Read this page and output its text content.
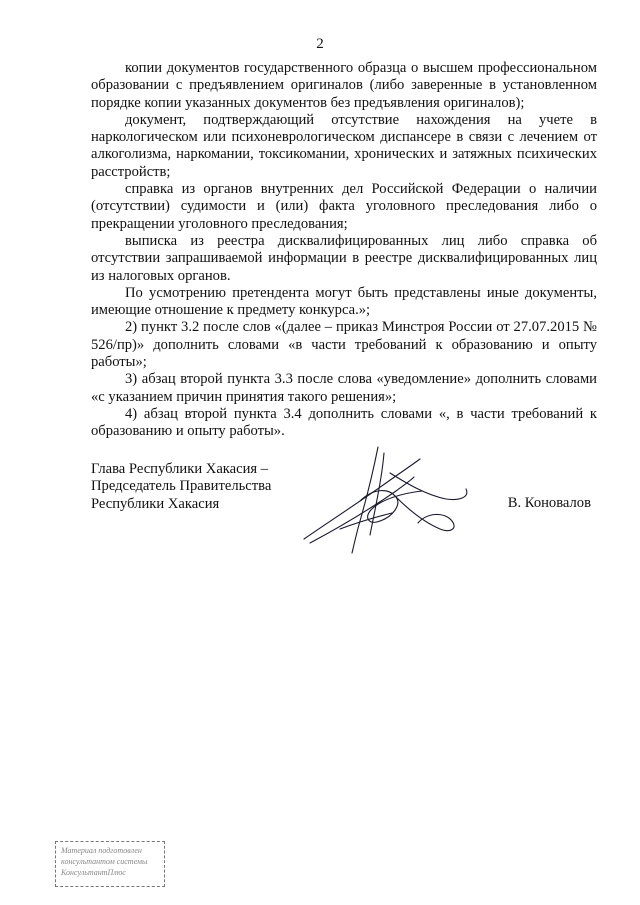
2

копии документов государственного образца о высшем профессиональном образовании с предъявлением оригиналов (либо заверенные в установленном порядке копии указанных документов без предъявления оригиналов);

документ, подтверждающий отсутствие нахождения на учете в наркологическом или психоневрологическом диспансере в связи с лечением от алкоголизма, наркомании, токсикомании, хронических и затяжных психических расстройств;

справка из органов внутренних дел Российской Федерации о наличии (отсутствии) судимости и (или) факта уголовного преследования либо о прекращении уголовного преследования;

выписка из реестра дисквалифицированных лиц либо справка об отсутствии запрашиваемой информации в реестре дисквалифицированных лиц из налоговых органов.

По усмотрению претендента могут быть представлены иные документы, имеющие отношение к предмету конкурса.»;

2) пункт 3.2 после слов «(далее – приказ Минстроя России от 27.07.2015 № 526/пр)» дополнить словами «в части требований к образованию и опыту работы»;

3) абзац второй пункта 3.3 после слова «уведомление» дополнить словами «с указанием причин принятия такого решения»;

4) абзац второй пункта 3.4 дополнить словами «, в части требований к образованию и опыту работы».

Глава Республики Хакасия –
Председатель Правительства
Республики Хакасия	В. Коновалов
Материал подготовлен
консультантом системы
КонсультантПлюс
